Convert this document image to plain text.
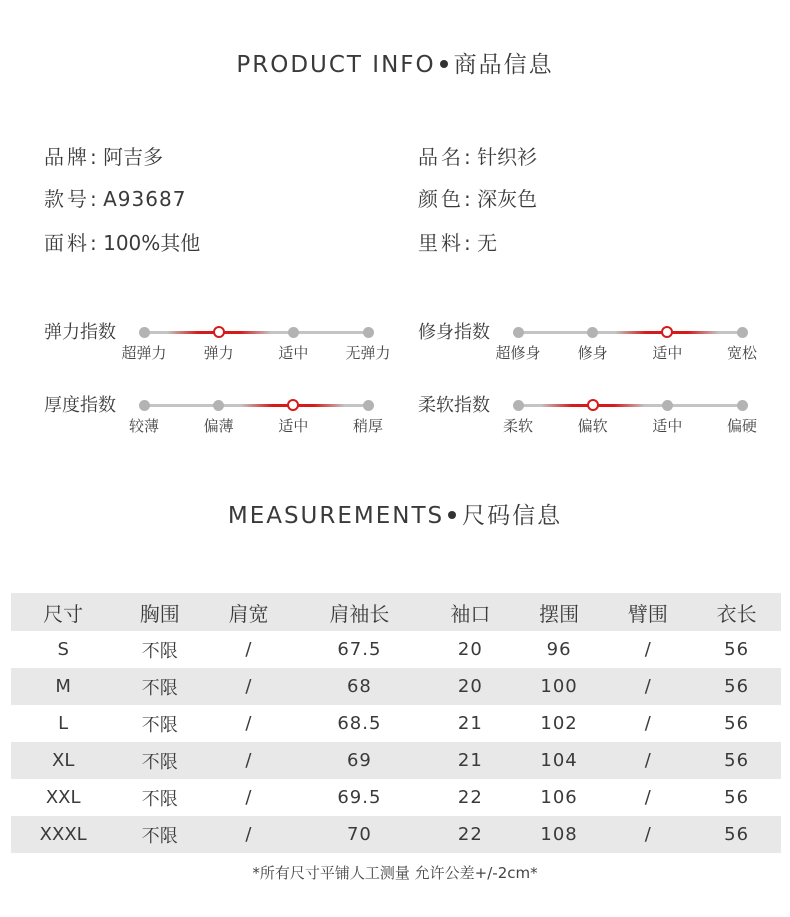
PRODUCT INFO 商品信息
品牌: 阿吉多	品名: 针织衫
款号: A93687	颜色: 深灰色
面料: 100%其他	里料: 无
弹力指数
超弹力 弹力	适中 无弹力
修身指数
超修身 修身	适中	宽松
厚度指数
较薄	偏薄	适中	稍厚
柔软指数
柔软	偏软	适中	偏硬
MEASUREMENTS 尺码信息
尺寸	胸围	肩宽	肩袖长	袖口	摆围	臂围	衣长
S	不限	/	67.5	20	96	/	56
M	不限	/	68	20	100	/	56
L	不限	/	68.5	21	102	/	56
XL	不限	/	69	21	104	/	56
XXL	不限	/	69.5	22	106	/	56
XXXL	不限	/	70	22	108	/	56
*所有尺寸平铺人工测量 允许公差+/-2cm*
